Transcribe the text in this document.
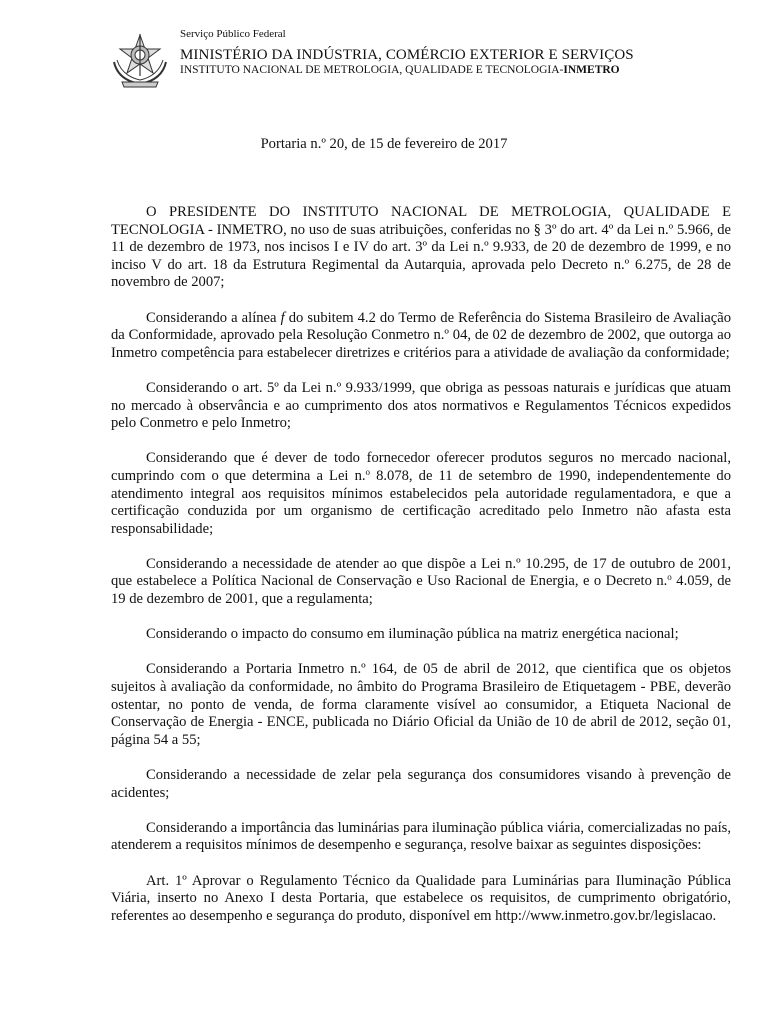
Serviço Público Federal
MINISTÉRIO DA INDÚSTRIA, COMÉRCIO EXTERIOR E SERVIÇOS
INSTITUTO NACIONAL DE METROLOGIA, QUALIDADE E TECNOLOGIA-INMETRO
Portaria n.º 20, de 15 de fevereiro de 2017

O PRESIDENTE DO INSTITUTO NACIONAL DE METROLOGIA, QUALIDADE E TECNOLOGIA - INMETRO, no uso de suas atribuições, conferidas no § 3º do art. 4º da Lei n.º 5.966, de 11 de dezembro de 1973, nos incisos I e IV do art. 3º da Lei n.º 9.933, de 20 de dezembro de 1999, e no inciso V do art. 18 da Estrutura Regimental da Autarquia, aprovada pelo Decreto n.º 6.275, de 28 de novembro de 2007;

Considerando a alínea f do subitem 4.2 do Termo de Referência do Sistema Brasileiro de Avaliação da Conformidade, aprovado pela Resolução Conmetro n.º 04, de 02 de dezembro de 2002, que outorga ao Inmetro competência para estabelecer diretrizes e critérios para a atividade de avaliação da conformidade;

Considerando o art. 5º da Lei n.º 9.933/1999, que obriga as pessoas naturais e jurídicas que atuam no mercado à observância e ao cumprimento dos atos normativos e Regulamentos Técnicos expedidos pelo Conmetro e pelo Inmetro;

Considerando que é dever de todo fornecedor oferecer produtos seguros no mercado nacional, cumprindo com o que determina a Lei n.$^o$ 8.078, de 11 de setembro de 1990, independentemente do atendimento integral aos requisitos mínimos estabelecidos pela autoridade regulamentadora, e que a certificação conduzida por um organismo de certificação acreditado pelo Inmetro não afasta esta responsabilidade;

Considerando a necessidade de atender ao que dispõe a Lei n.º 10.295, de 17 de outubro de 2001, que estabelece a Política Nacional de Conservação e Uso Racional de Energia, e o Decreto n.$^o$ 4.059, de 19 de dezembro de 2001, que a regulamenta;

Considerando o impacto do consumo em iluminação pública na matriz energética nacional;

Considerando a Portaria Inmetro n.º 164, de 05 de abril de 2012, que cientifica que os objetos sujeitos à avaliação da conformidade, no âmbito do Programa Brasileiro de Etiquetagem - PBE, deverão ostentar, no ponto de venda, de forma claramente visível ao consumidor, a Etiqueta Nacional de Conservação de Energia - ENCE, publicada no Diário Oficial da União de 10 de abril de 2012, seção 01, página 54 a 55;

Considerando a necessidade de zelar pela segurança dos consumidores visando à prevenção de acidentes;

Considerando a importância das luminárias para iluminação pública viária, comercializadas no país, atenderem a requisitos mínimos de desempenho e segurança, resolve baixar as seguintes disposições:

Art. 1º Aprovar o Regulamento Técnico da Qualidade para Luminárias para Iluminação Pública Viária, inserto no Anexo I desta Portaria, que estabelece os requisitos, de cumprimento obrigatório, referentes ao desempenho e segurança do produto, disponível em http://www.inmetro.gov.br/legislacao.
